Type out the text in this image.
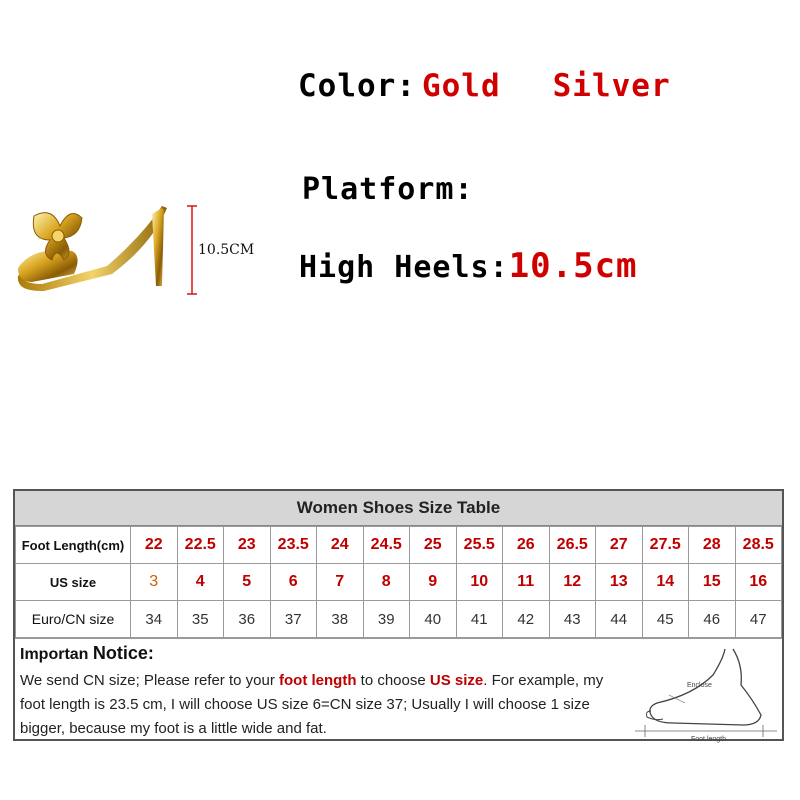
Color: Gold Silver
Platform:
High Heels:10.5cm
10.5CM
Women Shoes Size Table
Foot Length(cm)	22	22.5	23	23.5	24	24.5	25	25.5	26	26.5	27	27.5	28	28.5
US size	3	4	5	6	7	8	9	10	11	12	13	14	15	16
Euro/CN size	34	35	36	37	38	39	40	41	42	43	44	45	46	47
Importan Notice:
We send CN size; Please refer to your foot length to choose US size. For example, my foot length is 23.5 cm, I will choose US size 6=CN size 37; Usually I will choose 1 size bigger, because my foot is a little wide and fat.
Enclose
Foot length
